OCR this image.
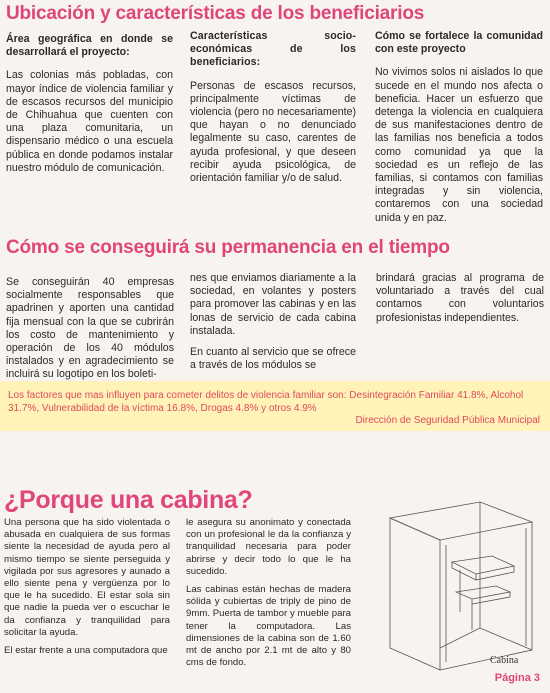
Ubicación y características de los beneficiarios

Área geográfica en donde se desarrollará el proyecto:

Las colonias más pobladas, con mayor índice de violencia familiar y de escasos recursos del municipio de Chihuahua que cuenten con una plaza comunitaria, un dispensario médico o una escuela pública en donde podamos instalar nuestro módulo de comunicación.

Características socio-económicas de los beneficiarios:

Personas de escasos recursos, principalmente víctimas de violencia (pero no necesariamente) que hayan o no denunciado legalmente su caso, carentes de ayuda profesional, y que deseen recibir ayuda psicológica, de orientación familiar y/o de salud.

Cómo se fortalece la comunidad con este proyecto

No vivimos solos ni aislados lo que sucede en el mundo nos afecta o beneficia. Hacer un esfuerzo que detenga la violencia en cualquiera de sus manifestaciones dentro de las familias nos beneficia a todos como comunidad ya que la sociedad es un reflejo de las familias, si contamos con familias integradas y sin violencia, contaremos con una sociedad unida y en paz.

Cómo se conseguirá su permanencia en el tiempo

Se conseguirán 40 empresas socialmente responsables que apadrinen y aporten una cantidad fija mensual con la que se cubrirán los costo de mantenimiento y operación de los 40 módulos instalados y en agradecimiento se incluirá su logotipo en los boleti-

nes que enviamos diariamente a la sociedad, en volantes y posters para promover las cabinas y en las lonas de servicio de cada cabina instalada.

En cuanto al servicio que se ofrece a través de los módulos se

brindará gracias al programa de voluntariado a través del cual contamos con voluntarios profesionistas independientes.

Los factores que mas influyen para cometer delitos de violencia familiar son: Desintegración Familiar 41.8%, Alcohol 31.7%, Vulnerabilidad de la víctima 16.8%, Drogas 4.8% y otros 4.9%

Dirección de Seguridad Pública Municipal

¿Porque una cabina?

Una persona que ha sido violentada o abusada en cualquiera de sus formas siente la necesidad de ayuda pero al mismo tiempo se siente perseguida y vigilada por sus agresores y aunado a ello siente pena y vergüenza por lo que le ha sucedido. El estar sola sin que nadie la pueda ver o escuchar le da confianza y tranquilidad para solicitar la ayuda.

El estar frente a una computadora que

le asegura su anonimato y conectada con un profesional le da la confianza y tranquilidad necesaria para poder abrirse y decir todo lo que le ha sucedido.

Las cabinas están hechas de madera sólida y cubiertas de triply de pino de 9mm. Puerta de tambor y mueble para tener la computadora. Las dimensiones de la cabina son de 1.60 mt de ancho por 2.1 mt de alto y 80 cms de fondo.	Cabina

Página 3
